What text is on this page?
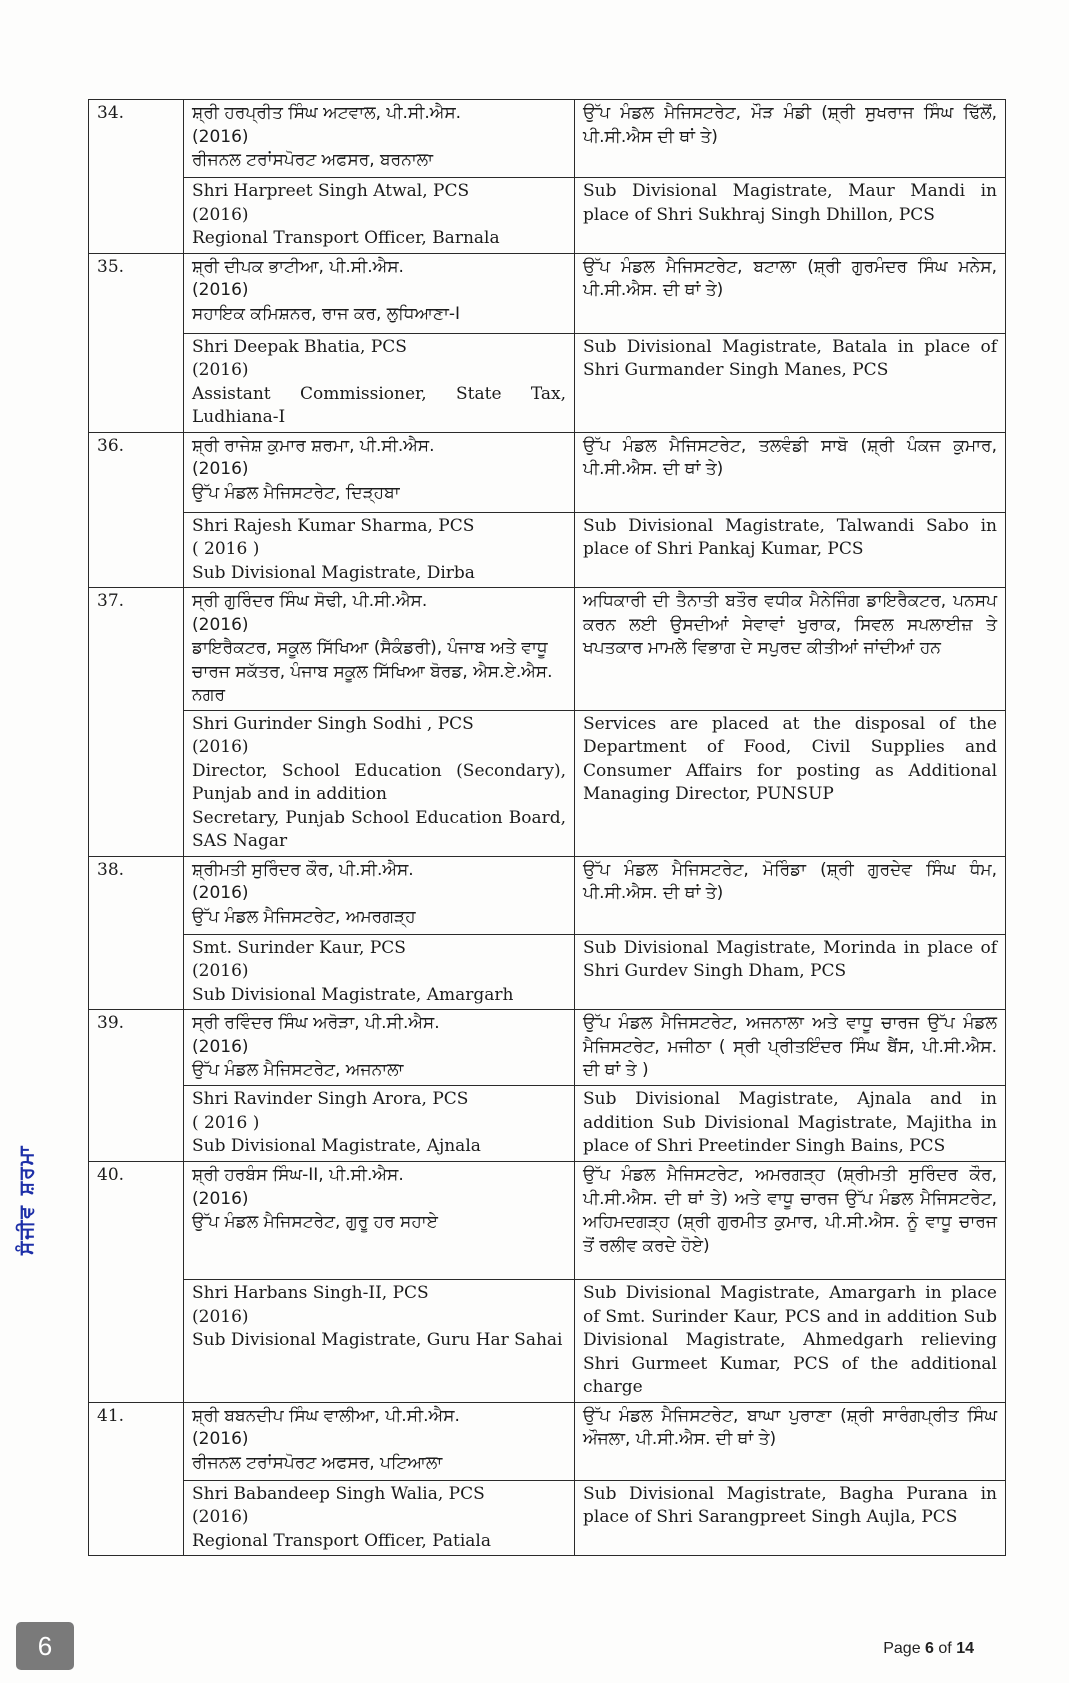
34.	ਸ਼੍ਰੀ ਹਰਪ੍ਰੀਤ ਸਿੰਘ ਅਟਵਾਲ, ਪੀ.ਸੀ.ਐਸ.
(2016)
ਰੀਜਨਲ ਟਰਾਂਸਪੋਰਟ ਅਫਸਰ, ਬਰਨਾਲਾ	ਉੱਪ ਮੰਡਲ ਮੈਜਿਸਟਰੇਟ, ਮੌੜ ਮੰਡੀ (ਸ਼੍ਰੀ ਸੁਖਰਾਜ ਸਿੰਘ ਢਿੱਲੋਂ, ਪੀ.ਸੀ.ਐਸ ਦੀ ਥਾਂ ਤੇ)

	Shri Harpreet Singh Atwal, PCS
(2016)
Regional Transport Officer, Barnala	Sub Divisional Magistrate, Maur Mandi in place of Shri Sukhraj Singh Dhillon, PCS
35.	ਸ਼੍ਰੀ ਦੀਪਕ ਭਾਟੀਆ, ਪੀ.ਸੀ.ਐਸ.
(2016)
ਸਹਾਇਕ ਕਮਿਸ਼ਨਰ, ਰਾਜ ਕਰ, ਲੁਧਿਆਣਾ-I	ਉੱਪ ਮੰਡਲ ਮੈਜਿਸਟਰੇਟ, ਬਟਾਲਾ (ਸ਼੍ਰੀ ਗੁਰਮੰਦਰ ਸਿੰਘ ਮਨੇਸ, ਪੀ.ਸੀ.ਐਸ. ਦੀ ਥਾਂ ਤੇ)

	Shri Deepak Bhatia, PCS
(2016)
Assistant Commissioner, State Tax, Ludhiana-I	Sub Divisional Magistrate, Batala in place of Shri Gurmander Singh Manes, PCS
36.	ਸ਼੍ਰੀ ਰਾਜੇਸ਼ ਕੁਮਾਰ ਸ਼ਰਮਾ, ਪੀ.ਸੀ.ਐਸ.
(2016)
ਉੱਪ ਮੰਡਲ ਮੈਜਿਸਟਰੇਟ, ਦਿੜ੍ਹਬਾ	ਉੱਪ ਮੰਡਲ ਮੈਜਿਸਟਰੇਟ, ਤਲਵੰਡੀ ਸਾਬੋ (ਸ਼੍ਰੀ ਪੰਕਜ ਕੁਮਾਰ, ਪੀ.ਸੀ.ਐਸ. ਦੀ ਥਾਂ ਤੇ)

	Shri Rajesh Kumar Sharma, PCS
( 2016 )
Sub Divisional Magistrate, Dirba	Sub Divisional Magistrate, Talwandi Sabo in place of Shri Pankaj Kumar, PCS
37.	ਸ੍ਰੀ ਗੁਰਿੰਦਰ ਸਿੰਘ ਸੋਢੀ, ਪੀ.ਸੀ.ਐਸ.
(2016)
ਡਾਇਰੈਕਟਰ, ਸਕੂਲ ਸਿੱਖਿਆ (ਸੈਕੰਡਰੀ), ਪੰਜਾਬ ਅਤੇ ਵਾਧੂ ਚਾਰਜ ਸਕੱਤਰ, ਪੰਜਾਬ ਸਕੂਲ ਸਿੱਖਿਆ ਬੋਰਡ, ਐਸ.ਏ.ਐਸ. ਨਗਰ	ਅਧਿਕਾਰੀ ਦੀ ਤੈਨਾਤੀ ਬਤੌਰ ਵਧੀਕ ਮੈਨੇਜਿੰਗ ਡਾਇਰੈਕਟਰ, ਪਨਸਪ ਕਰਨ ਲਈ ਉਸਦੀਆਂ ਸੇਵਾਵਾਂ ਖੁਰਾਕ, ਸਿਵਲ ਸਪਲਾਈਜ਼ ਤੇ ਖਪਤਕਾਰ ਮਾਮਲੇ ਵਿਭਾਗ ਦੇ ਸਪੁਰਦ ਕੀਤੀਆਂ ਜਾਂਦੀਆਂ ਹਨ

	Shri Gurinder Singh Sodhi , PCS
(2016)
Director, School Education (Secondary), Punjab and in addition
Secretary, Punjab School Education Board, SAS Nagar	Services are placed at the disposal of the Department of Food, Civil Supplies and Consumer Affairs for posting as Additional Managing Director, PUNSUP
38.	ਸ਼੍ਰੀਮਤੀ ਸੁਰਿੰਦਰ ਕੌਰ, ਪੀ.ਸੀ.ਐਸ.
(2016)
ਉੱਪ ਮੰਡਲ ਮੈਜਿਸਟਰੇਟ, ਅਮਰਗੜ੍ਹ	ਉੱਪ ਮੰਡਲ ਮੈਜਿਸਟਰੇਟ, ਮੋਰਿੰਡਾ (ਸ਼੍ਰੀ ਗੁਰਦੇਵ ਸਿੰਘ ਧੰਮ, ਪੀ.ਸੀ.ਐਸ. ਦੀ ਥਾਂ ਤੇ)

	Smt. Surinder Kaur, PCS
(2016)
Sub Divisional Magistrate, Amargarh	Sub Divisional Magistrate, Morinda in place of Shri Gurdev Singh Dham, PCS
39.	ਸ੍ਰੀ ਰਵਿੰਦਰ ਸਿੰਘ ਅਰੋੜਾ, ਪੀ.ਸੀ.ਐਸ.
(2016)
ਉੱਪ ਮੰਡਲ ਮੈਜਿਸਟਰੇਟ, ਅਜਨਾਲਾ	ਉੱਪ ਮੰਡਲ ਮੈਜਿਸਟਰੇਟ, ਅਜਨਾਲਾ ਅਤੇ ਵਾਧੂ ਚਾਰਜ ਉੱਪ ਮੰਡਲ ਮੈਜਿਸਟਰੇਟ, ਮਜੀਠਾ ( ਸ੍ਰੀ ਪ੍ਰੀਤਇੰਦਰ ਸਿੰਘ ਬੈਂਸ, ਪੀ.ਸੀ.ਐਸ. ਦੀ ਥਾਂ ਤੇ )

	Shri Ravinder Singh Arora, PCS
( 2016 )
Sub Divisional Magistrate, Ajnala	Sub Divisional Magistrate, Ajnala and in addition Sub Divisional Magistrate, Majitha in place of Shri Preetinder Singh Bains, PCS
40.	ਸ਼੍ਰੀ ਹਰਬੰਸ ਸਿੰਘ-II, ਪੀ.ਸੀ.ਐਸ.
(2016)
ਉੱਪ ਮੰਡਲ ਮੈਜਿਸਟਰੇਟ, ਗੁਰੂ ਹਰ ਸਹਾਏ	ਉੱਪ ਮੰਡਲ ਮੈਜਿਸਟਰੇਟ, ਅਮਰਗੜ੍ਹ (ਸ਼੍ਰੀਮਤੀ ਸੁਰਿੰਦਰ ਕੌਰ, ਪੀ.ਸੀ.ਐਸ. ਦੀ ਥਾਂ ਤੇ) ਅਤੇ ਵਾਧੂ ਚਾਰਜ ਉੱਪ ਮੰਡਲ ਮੈਜਿਸਟਰੇਟ, ਅਹਿਮਦਗੜ੍ਹ (ਸ਼੍ਰੀ ਗੁਰਮੀਤ ਕੁਮਾਰ, ਪੀ.ਸੀ.ਐਸ. ਨੂੰ ਵਾਧੂ ਚਾਰਜ ਤੋਂ ਰਲੀਵ ਕਰਦੇ ਹੋਏ)

	Shri Harbans Singh-II, PCS
(2016)
Sub Divisional Magistrate, Guru Har Sahai	Sub Divisional Magistrate, Amargarh in place of Smt. Surinder Kaur, PCS and in addition Sub Divisional Magistrate, Ahmedgarh relieving Shri Gurmeet Kumar, PCS of the additional charge
41.	ਸ਼੍ਰੀ ਬਬਨਦੀਪ ਸਿੰਘ ਵਾਲੀਆ, ਪੀ.ਸੀ.ਐਸ.
(2016)
ਰੀਜਨਲ ਟਰਾਂਸਪੋਰਟ ਅਫਸਰ, ਪਟਿਆਲਾ	ਉੱਪ ਮੰਡਲ ਮੈਜਿਸਟਰੇਟ, ਬਾਘਾ ਪੁਰਾਣਾ (ਸ਼੍ਰੀ ਸਾਰੰਗਪ੍ਰੀਤ ਸਿੰਘ ਔਜਲਾ, ਪੀ.ਸੀ.ਐਸ. ਦੀ ਥਾਂ ਤੇ)

	Shri Babandeep Singh Walia, PCS
(2016)
Regional Transport Officer, Patiala	Sub Divisional Magistrate, Bagha Purana in place of Shri Sarangpreet Singh Aujla, PCS
ਸੰਜੀਵ ਸ਼ਰਮਾ
6	Page 6 of 14
